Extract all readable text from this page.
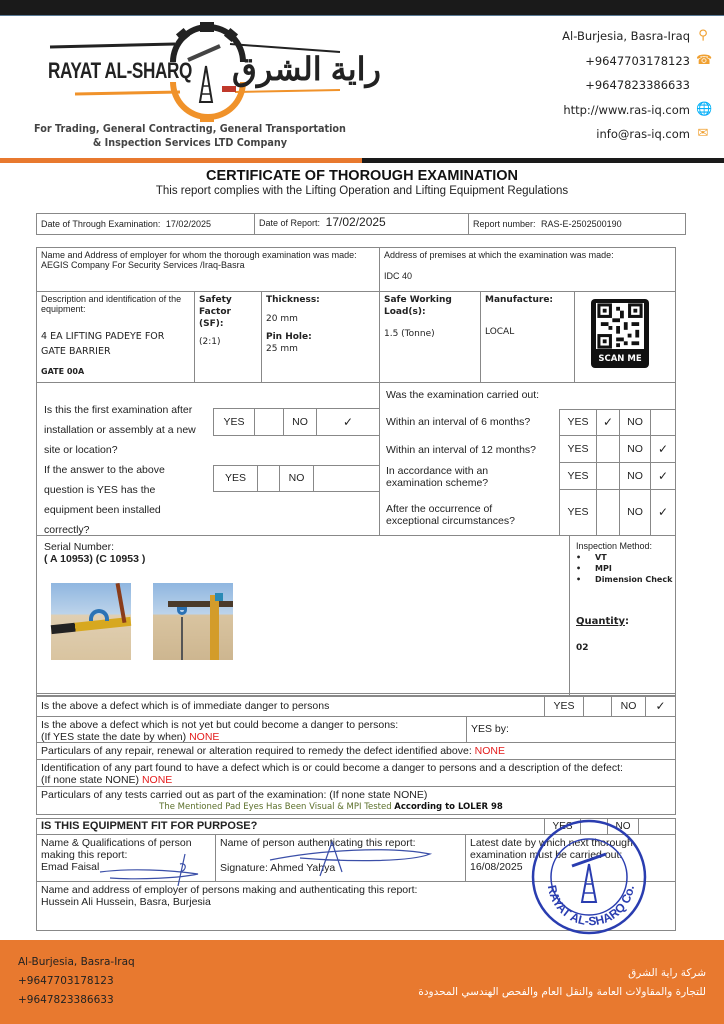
RAYAT AL-SHARQ راية الشرق
For Trading, General Contracting, General Transportation
& Inspection Services LTD Company
Al-Burjesia, Basra-Iraq ⚲
+9647703178123 ☎
+9647823386633
http://www.ras-iq.com 🌐
info@ras-iq.com ✉
CERTIFICATE OF THOROUGH EXAMINATION
This report complies with the Lifting Operation and Lifting Equipment Regulations
Date of Through Examination: 17/02/2025	Date of Report: 17/02/2025	Report number: RAS-E-2502500190
Name and Address of employer for whom the thorough examination was made:
AEGIS Company For Security Services /Iraq-Basra
Address of premises at which the examination was made:
IDC 40
Description and identification of the equipment:
4 EA LIFTING PADEYE FOR GATE BARRIER
GATE 00A
Safety Factor (SF):
(2:1)
Thickness:
20 mm
Pin Hole:
25 mm
Safe Working Load(s):
1.5 (Tonne)
Manufacture:
LOCAL
SCAN ME
Is this the first examination after installation or assembly at a new site or location?
YES	NO	✓
If the answer to the above question is YES has the equipment been installed correctly?
YES	NO
Was the examination carried out:
Within an interval of 6 months?	YES	✓	NO
Within an interval of 12 months?	YES	NO	✓
In accordance with an examination scheme?
YES	NO	✓
After the occurrence of exceptional circumstances?
YES	NO	✓
Serial Number:
( A 10953) (C 10953 )
Inspection Method:
•     VT
•     MPI
•     Dimension Check
Quantity:
02
Is the above a defect which is of immediate danger to persons	YES	NO	✓
Is the above a defect which is not yet but could become a danger to persons:
(If YES state the date by when) NONE
YES by:
Particulars of any repair, renewal or alteration required to remedy the defect identified above: NONE
Identification of any part found to have a defect which is or could become a danger to persons and a description of the defect:
(If none state NONE) NONE
Particulars of any tests carried out as part of the examination: (If none state NONE)
The Mentioned Pad Eyes Has Been Visual & MPI Tested According to LOLER 98
IS THIS EQUIPMENT FIT FOR PURPOSE?	YES	NO
Name & Qualifications of person making this report:
Emad Faisal
Name of person authenticating this report:
Signature: Ahmed Yahya
Latest date by which next thorough examination must be carried out:
16/08/2025
Name and address of employer of persons making and authenticating this report:
Hussein Ali Hussein, Basra, Burjesia
RAYAT AL-SHARQ Co.
Al-Burjesia, Basra-Iraq
+9647703178123
+9647823386633
شركة راية الشرق
للتجارة والمقاولات العامة والنقل العام والفحص الهندسي المحدودة
